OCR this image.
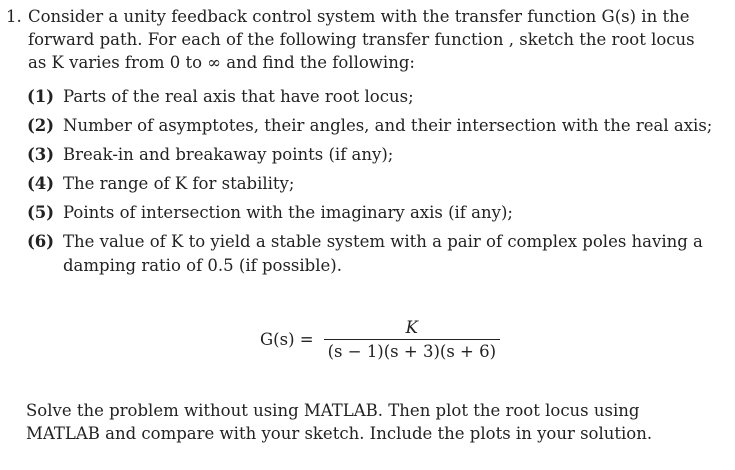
1. Consider a unity feedback control system with the transfer function G(s) in the forward path. For each of the following transfer function , sketch the root locus as K varies from 0 to ∞ and find the following:
(1) Parts of the real axis that have root locus;
(2) Number of asymptotes, their angles, and their intersection with the real axis;
(3) Break-in and breakaway points (if any);
(4) The range of K for stability;
(5) Points of intersection with the imaginary axis (if any);
(6) The value of K to yield a stable system with a pair of complex poles having a damping ratio of 0.5 (if possible).
$G(s) = \frac{K}{(s - 1)(s + 3)(s + 6)}$
Solve the problem without using MATLAB. Then plot the root locus using MATLAB and compare with your sketch. Include the plots in your solution.
